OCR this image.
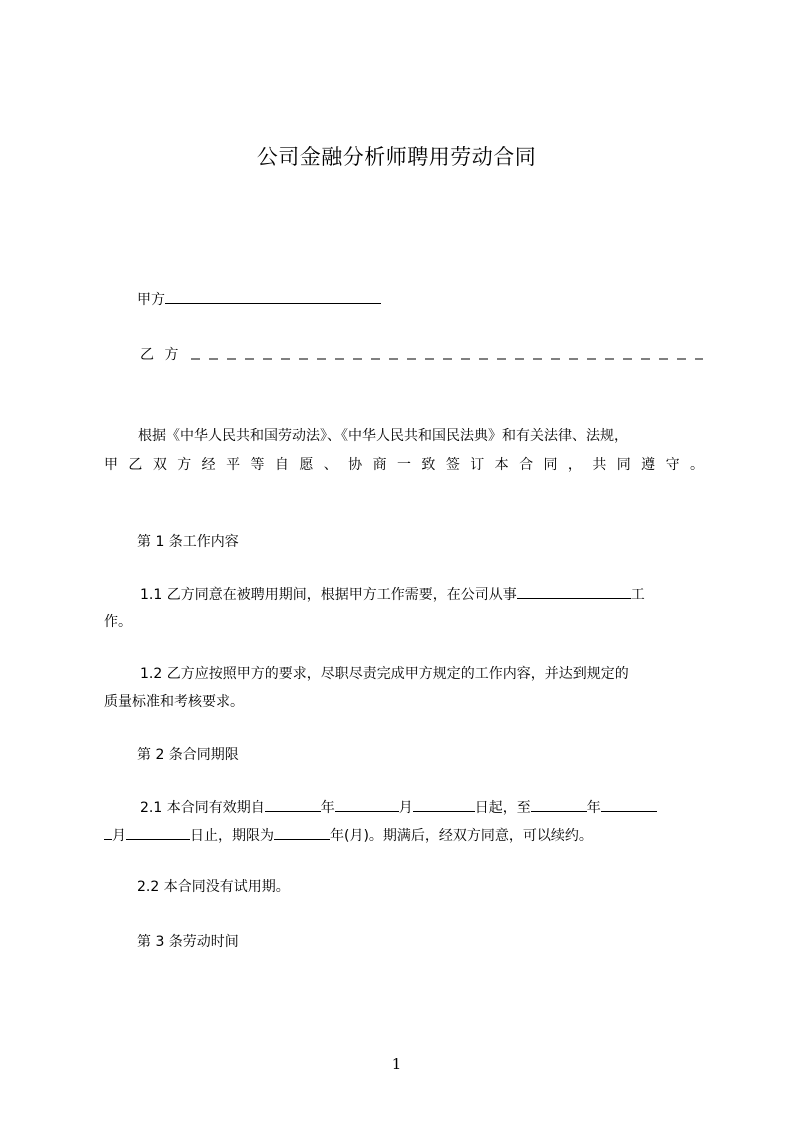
公司金融分析师聘用劳动合同
甲方
乙 方
根据《中华人民共和国劳动法》、《中华人民共和国民法典》和有关法律、法规，
甲乙双方经平等自愿、协商一致签订本合同，共同遵守。
第 1 条工作内容
1.1 乙方同意在被聘用期间，根据甲方工作需要，在公司从事	工
作。
1.2 乙方应按照甲方的要求，尽职尽责完成甲方规定的工作内容，并达到规定的
质量标准和考核要求。
第 2 条合同期限
2.1 本合同有效期自	年	月	日起，至	年
月	日止，期限为	年(月)。期满后，经双方同意，可以续约。
2.2 本合同没有试用期。
第 3 条劳动时间
1
